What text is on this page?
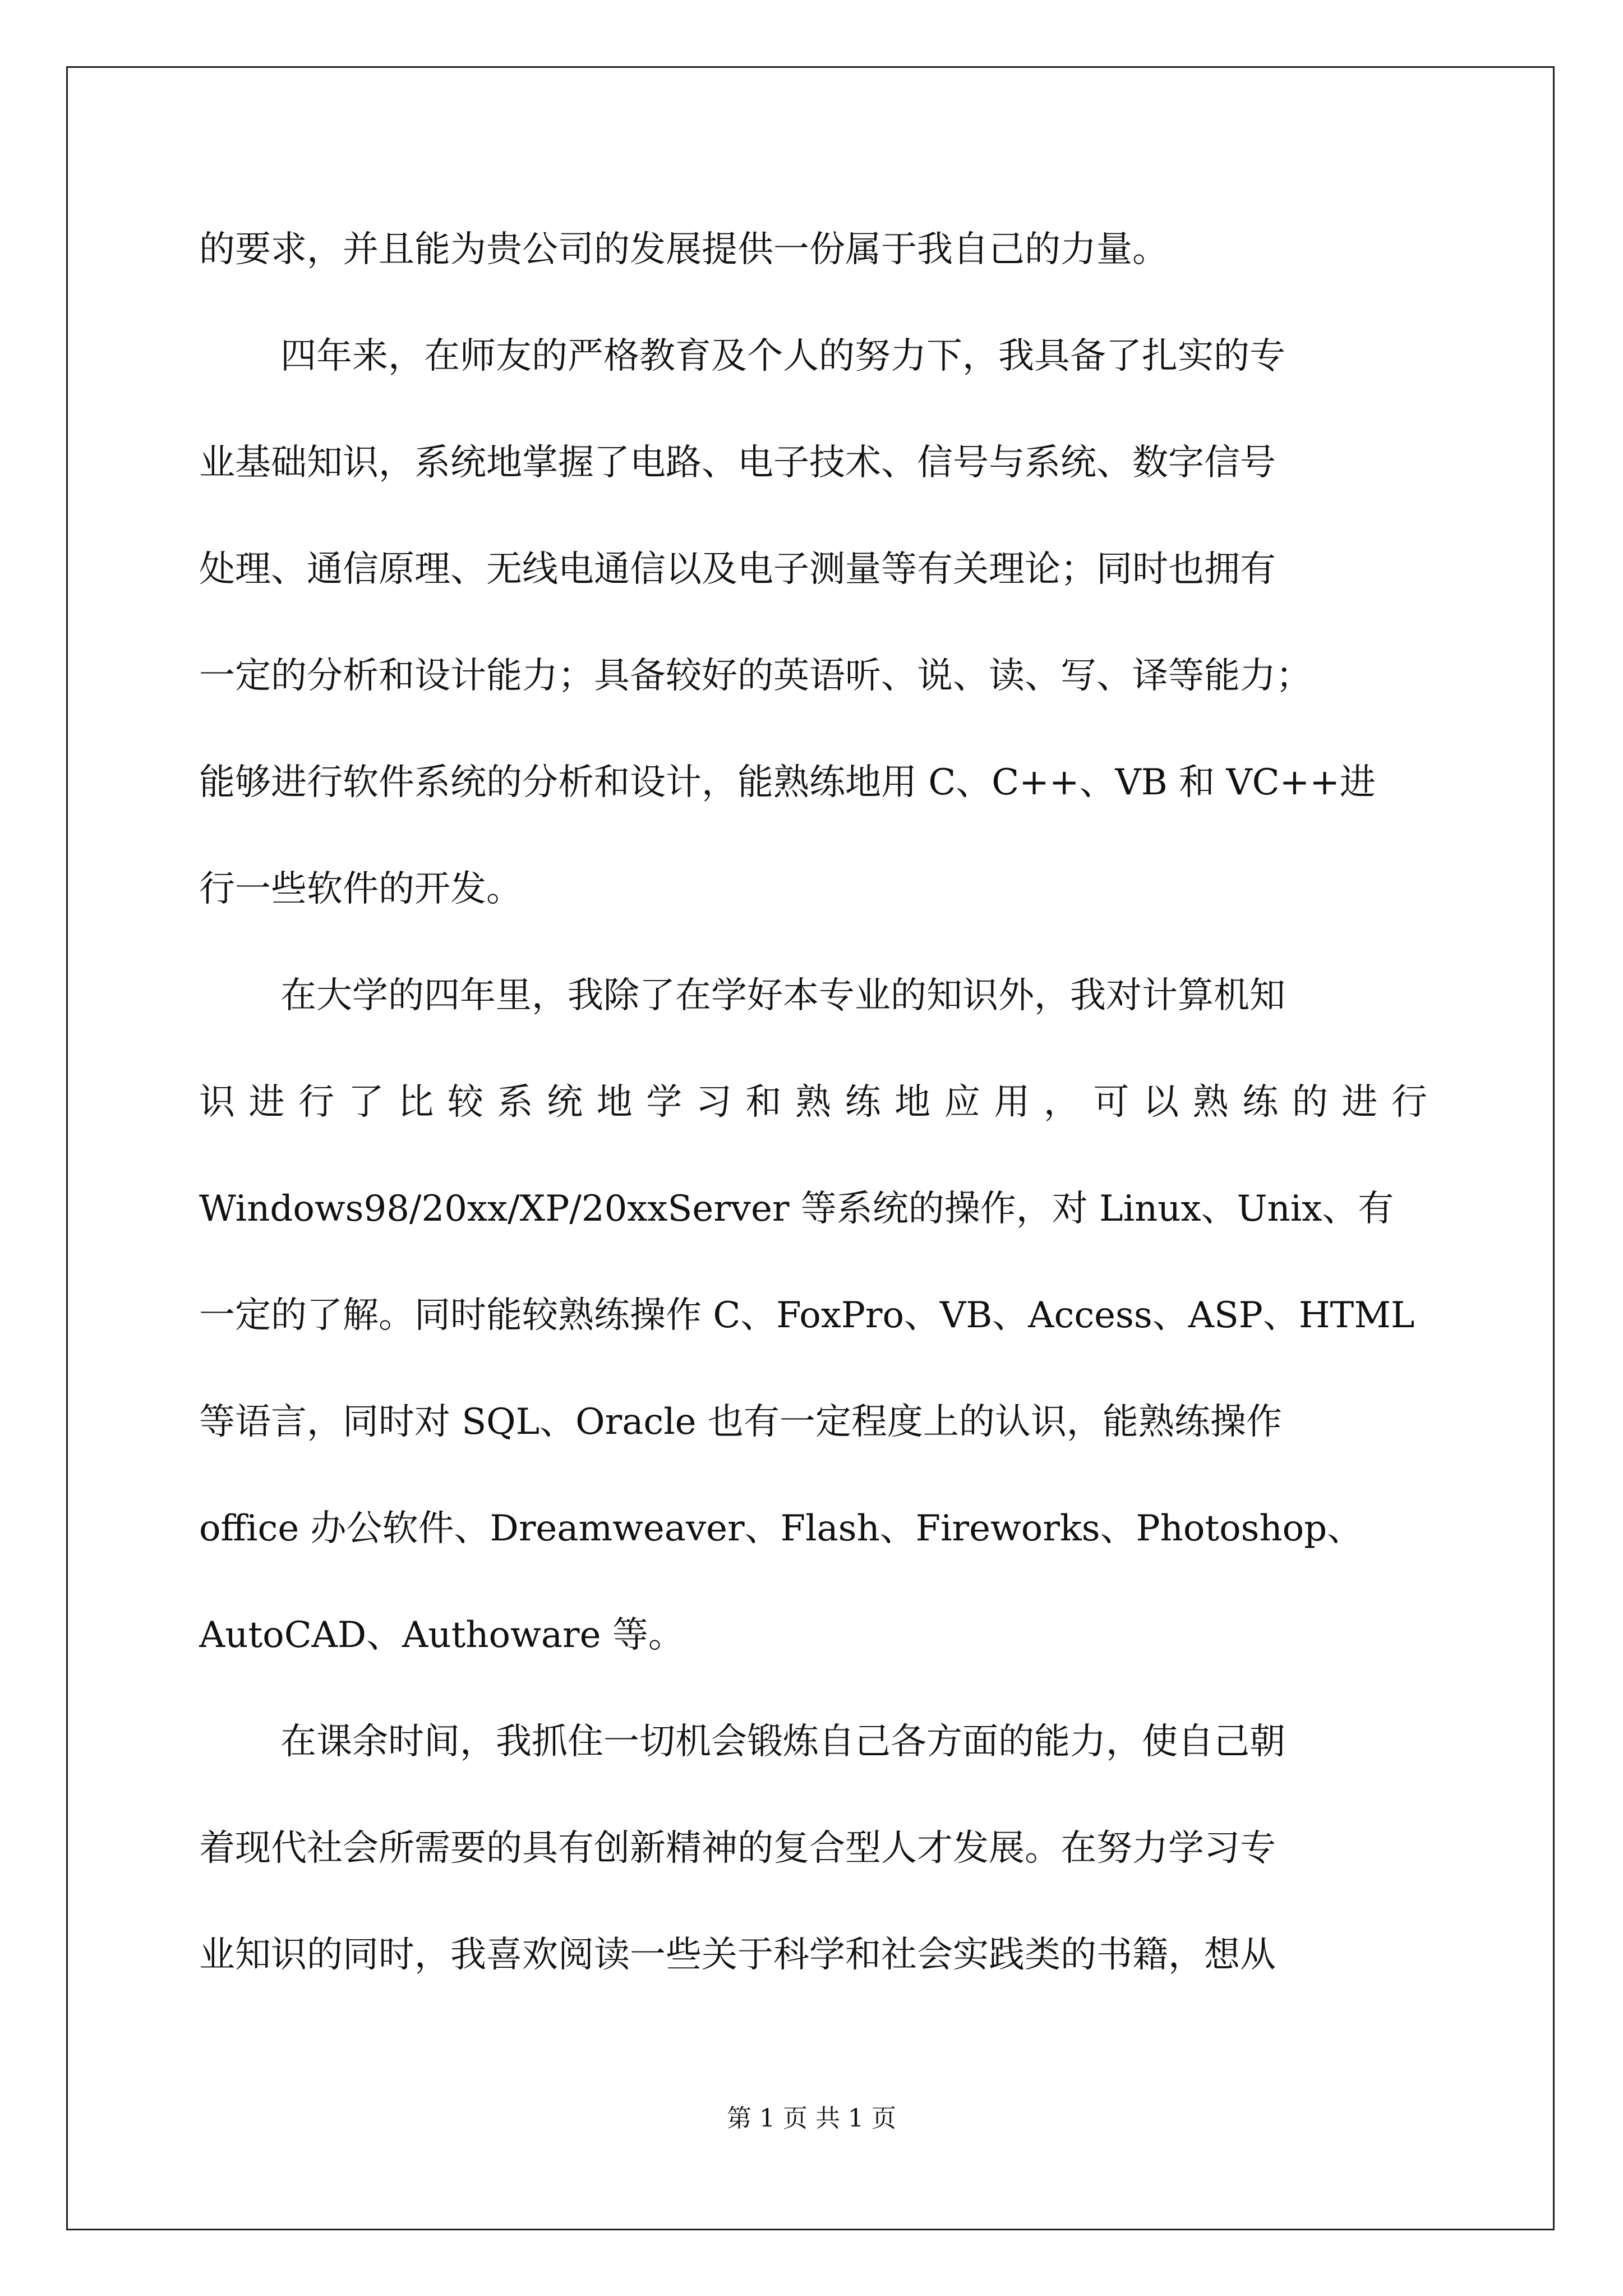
的要求，并且能为贵公司的发展提供一份属于我自己的力量。
四年来，在师友的严格教育及个人的努力下，我具备了扎实的专
业基础知识，系统地掌握了电路、电子技术、信号与系统、数字信号
处理、通信原理、无线电通信以及电子测量等有关理论；同时也拥有
一定的分析和设计能力；具备较好的英语听、说、读、写、译等能力；
能够进行软件系统的分析和设计，能熟练地用 C、C++、VB 和 VC++进
行一些软件的开发。
在大学的四年里，我除了在学好本专业的知识外，我对计算机知
识进行了比较系统地学习和熟练地应用，可以熟练的进行
Windows98/20xx/XP/20xxServer 等系统的操作，对 Linux、Unix、有
一定的了解。同时能较熟练操作 C、FoxPro、VB、Access、ASP、HTML
等语言，同时对 SQL、Oracle 也有一定程度上的认识，能熟练操作
office 办公软件、Dreamweaver、Flash、Fireworks、Photoshop、
AutoCAD、Authoware 等。
在课余时间，我抓住一切机会锻炼自己各方面的能力，使自己朝
着现代社会所需要的具有创新精神的复合型人才发展。在努力学习专
业知识的同时，我喜欢阅读一些关于科学和社会实践类的书籍，想从
第 1 页 共 1 页
